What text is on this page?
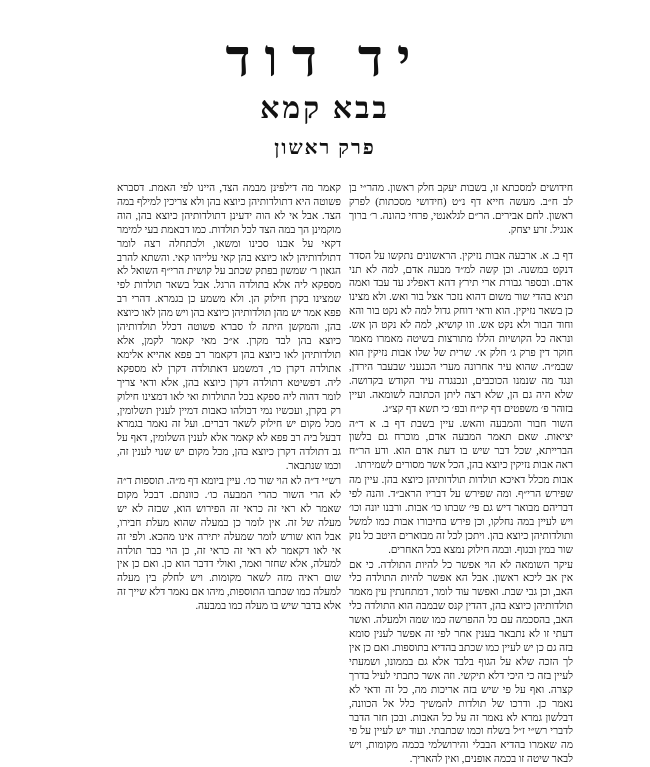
יד דוד
בבא קמא
פרק ראשון

חידושים למסכתא זו, בשבות יעקב חלק ראשון. מהר״י בן לב ח״ב. מעשה חייא דף נ״ט (חידושי מסכתות) לפרק ראשון. לחם אבירים. הר״ם לגלאנטי, פרחי כהונה. ר׳ ברוך אנגיל. זרע יצחק.

דף ב. א. ארבעה אבות נזיקין. הראשונים נתקשו על הסדר דנקט במשנה. וכן קשה למ״ד מבעה אדם, למה לא תני אדם. ובספר גבורת ארי תירץ דהא דאפליג עד עבד ואמה תניא בהדי שור משום דהוא נזכר אצל בור ואש. ולא מצינו כן בשאר נזיקין. הוא ודאי דוחק גדול למה לא נקט בור והא וחוד הבור ולא נקט אש. וזו קושיא, למה לא נקט הן אש. ונראה כל הקושיות הללו מתורצות בשיטה מאמרו מאמר חוקר דין פרק ג׳ חלק א׳. שרית של שלו אבות נזיקין הוא שבמ״ה. שהוא עיר אחרונה מערי הכנעני שבעבר הירדן, ונגד מה שנמנו הכוכבים, ונכנגדה עיר הקודש בקדושה. שלא היה גם הן, שלא רצה ליתן הכתובה לשומאה. ועיין בזוהר פ׳ משפטים דף קי״ח ובפ׳ כי תשא דף קצ״ג.

השור חבור והמבעה והאש. עיין בשבת דף ב. א ד״ה יציאות. שאם תאמר המבעה אדם, מוכרח גם בלשון הברייתא, שכל דבר שיש בו דעת אדם הוא. ודע הר״ח ראה אבות נזיקין כיוצא בהן, הכל אשר מסורים לשמירתו.

אבות מכלל דאיכא תולדות תולדותיהן כיוצא בהן. עיין מה שפירש הרי״ף. ומה שפירש על דבריו הראב״ד. והנה לפי דבריהם מבואר דיש גם פי׳ שבתו כו׳ אבות. ורבנו יונה וכו׳ ויש לעיין במה נחלקו, וכן פירש בחיבורו אבות כמו למשל ותולדותיהן כיוצא בהן. ויתכן לכל זה מבוארים היטב כל נזק שור במין ובגוף. ובמה חילוק נמצא בכל האחרים.

עיקר השומאה לא הוי אפשר כל להיות התולדה. כי אם אין אב ליכא ראשון. אבל הא אפשר להיות התולדה כלי האב, וכן גבי שבת. ואפשר עוד לומר, דמתחנתין עין מאמר תולדותיהן כיוצא בהן, דהדין קנס שבמבה הוא התולדה כלי האב, בהסכמה עם כל ההפרשה כמו שמה ולמעלה. ואשר דעתי זו לא נתבאר בענין אחר לפי זה אפשר לענין סומא בזה גם כן יש לעיין כמו שכתב בהדיא בתוספות. ואם כן אין לך הזכה שלא על הגוף בלבד אלא גם בממונו, ושמעתי לעיין בזה כי היכי דלא תיקשי. וזה אשר כתבתי לעיל בדרך קצרה. ואף על פי שיש בזה אריכות מה, כל זה ודאי לא נאמר כן. ודרכו של תולדות להמשיך כלל אל הכוונה, דבלשון גמרא לא נאמר זה על כל האבות. ובכן חזר הדבר לדברי רש״י ז״ל בשלח וכמו שכתבתי. ועוד יש לעיין על פי מה שאמרו בהדיא הבבלי והירושלמי בכמה מקומות, ויש לבאר שיטה זו בכמה אופנים, ואין להאריך.

קאמר מה דילפינן מבמה הצד, היינו לפי האמת. דסברא פשוטה היא דתולדותיהן כיוצא בהן ולא צריכין למילף במה הצד. אבל אי לא הוה ידעינן דתולדותיהן כיוצא בהן, הוה מוקמינן הך במה הצד לכל תולדות. כמו דבאמת בעי למימר דקאי על אבנו סכינו ומשאו, ולכתחלה רצה לומר דתולדותיהן לאו כיוצא בהן קאי עלייהו קאי. והשתא להרב הגאון ר׳ שמשון בפתק שכתב על קושית הרי״ף השואל לא מספקא ליה אלא בתולדה הרגל. אבל בשאר תולדות לפי שמצינו בקרן חילוק הן. ולא משמע כן בגמרא. דהרי רב פפא אמר יש מהן תולדותיהן כיוצא בהן ויש מהן לאו כיוצא בהן, והמקשן היתה לו סברא פשוטה דכלל תולדותיהן כיוצא בהן לבד מקרן. א״כ מאי קאמר לקמן, אלא תולדותיהן לאו כיוצא בהן דקאמר רב פפא אהייא אלימא אתולדה דקרן כו׳, דמשמע דאתולדה דקרן לא מספקא ליה. דפשיטא דתולדה דקרן כיוצא בהן, אלא ודאי צריך לומר דהוה ליה ספקא בכל התולדות ואי לאו דמצינו חילוק רק בקרן, ועכשיו נמי דכולהו כאבות דמיין לענין תשלומין, מכל מקום יש חילוק לשאר דברים. ועל זה נאמר בגמרא דבעל ביה רב פפא לא קאמר אלא לענין השלומין, דאף על גב דתולדה דקרן כיוצא בהן, מכל מקום יש שנוי לענין זה, וכמו שנתבאר.

רש״י ד״ה לא הוי שור כו׳. עיין ביומא דף מ״ה. תוספות ד״ה לא הרי השור כהרי המבעה כו׳. כוונתם. דבכל מקום שאמר לא ראי זה כראי זה הפירוש הוא, שבזה לא יש מעלה של זה. אין לומר כן במעלה שהוא מעלת חבירו, אבל הוא שורש לומר שמעלה יתירה אינו מהכא. ולפי זה אי לאו דקאמר לא ראי זה כראי זה, כן הוי כבר תולדה למעלה, אלא שחזר ואמר, ואולי דדבר הוא כן. ואם כן אין שום ראיה מזה לשאר מקומות. ויש לחלק בין מעלה למעלה כמו שכתבו התוספות, מיהו אם נאמר דלא שייך זה אלא בדבר שיש בו מעלה כמו במבעה.
